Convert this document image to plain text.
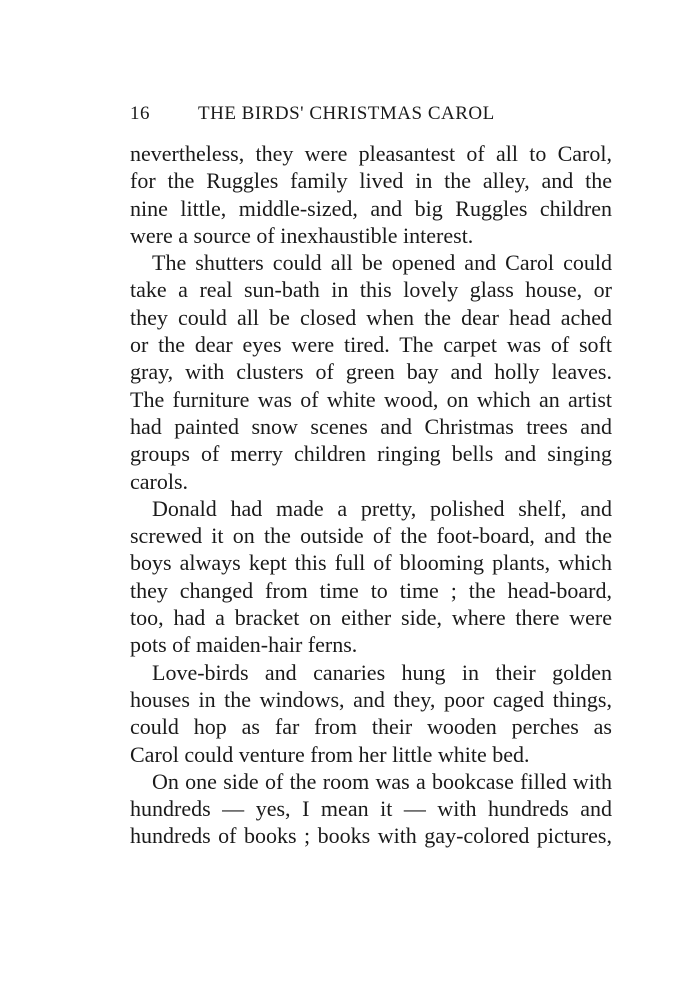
16	THE BIRDS' CHRISTMAS CAROL
nevertheless, they were pleasantest of all to Carol,
for the Ruggles family lived in the alley, and the
nine little, middle-sized, and big Ruggles children
were a source of inexhaustible interest.
The shutters could all be opened and Carol could
take a real sun-bath in this lovely glass house, or
they could all be closed when the dear head ached
or the dear eyes were tired. The carpet was of soft
gray, with clusters of green bay and holly leaves.
The furniture was of white wood, on which an artist
had painted snow scenes and Christmas trees and
groups of merry children ringing bells and singing
carols.
Donald had made a pretty, polished shelf, and
screwed it on the outside of the foot-board, and the
boys always kept this full of blooming plants, which
they changed from time to time ; the head-board,
too, had a bracket on either side, where there were
pots of maiden-hair ferns.
Love-birds and canaries hung in their golden
houses in the windows, and they, poor caged things,
could hop as far from their wooden perches as
Carol could venture from her little white bed.
On one side of the room was a bookcase filled with
hundreds — yes, I mean it — with hundreds and
hundreds of books ; books with gay-colored pictures,
